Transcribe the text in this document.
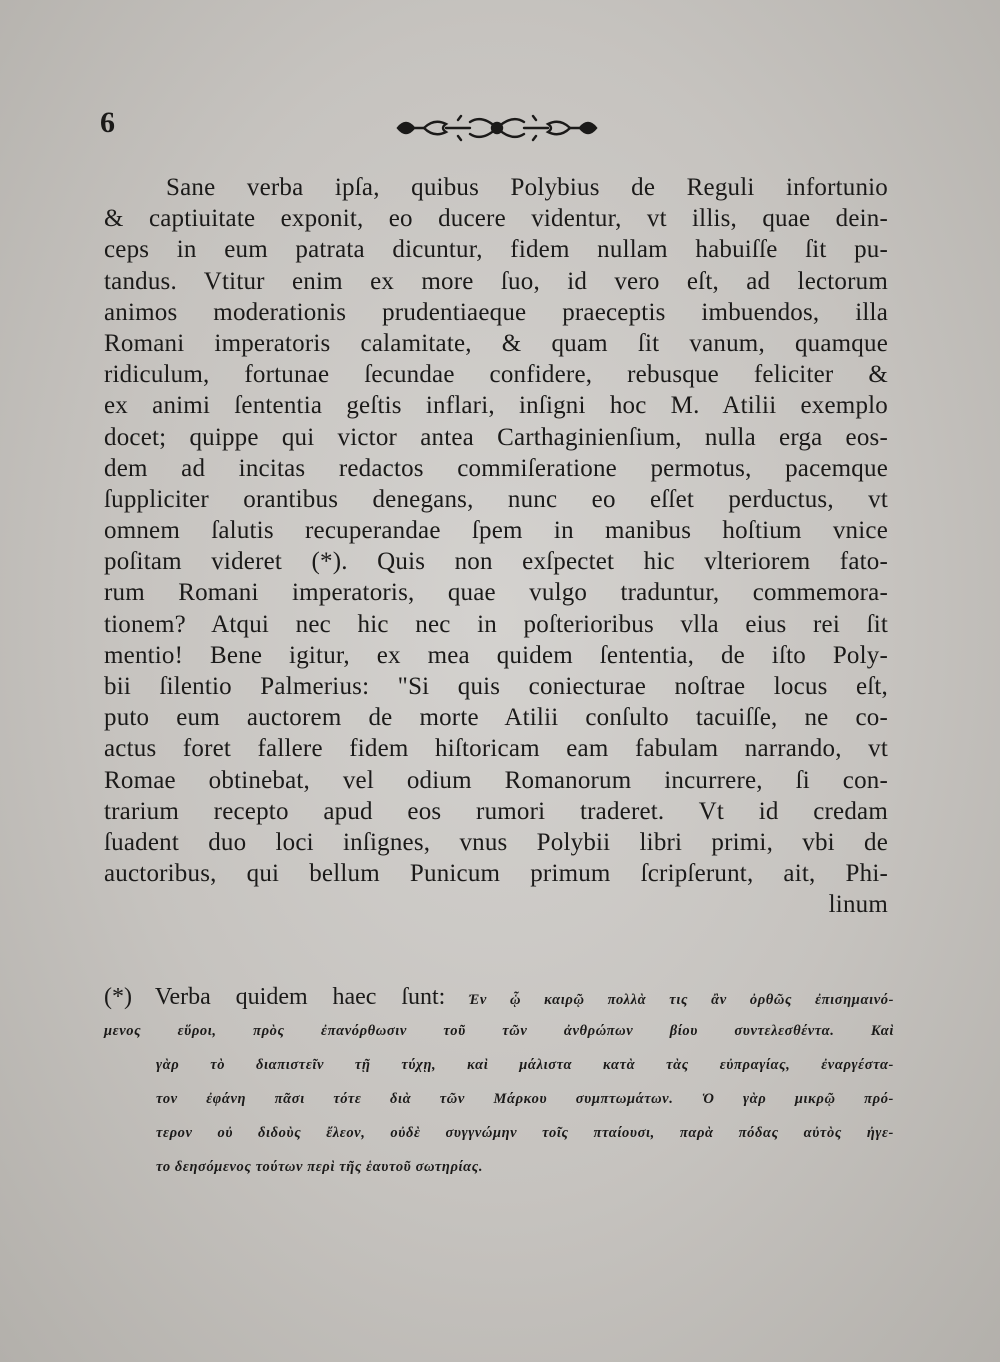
6
Sane verba ipſa, quibus Polybius de Reguli infortunio
& captiuitate exponit, eo ducere videntur, vt illis, quae dein-
ceps in eum patrata dicuntur, fidem nullam habuiſſe ſit pu-
tandus. Vtitur enim ex more ſuo, id vero eſt, ad lectorum
animos moderationis prudentiaeque praeceptis imbuendos, illa
Romani imperatoris calamitate, & quam ſit vanum, quamque
ridiculum, fortunae ſecundae confidere, rebusque feliciter &
ex animi ſententia geſtis inflari, inſigni hoc M. Atilii exemplo
docet; quippe qui victor antea Carthaginienſium, nulla erga eos-
dem ad incitas redactos commiſeratione permotus, pacemque
ſuppliciter orantibus denegans, nunc eo eſſet perductus, vt
omnem ſalutis recuperandae ſpem in manibus hoſtium vnice
poſitam videret (*). Quis non exſpectet hic vlteriorem fato-
rum Romani imperatoris, quae vulgo traduntur, commemora-
tionem? Atqui nec hic nec in poſterioribus vlla eius rei ſit
mentio! Bene igitur, ex mea quidem ſententia, de iſto Poly-
bii ſilentio Palmerius: "Si quis coniecturae noſtrae locus eſt,
puto eum auctorem de morte Atilii conſulto tacuiſſe, ne co-
actus foret fallere fidem hiſtoricam eam fabulam narrando, vt
Romae obtinebat, vel odium Romanorum incurrere, ſi con-
trarium recepto apud eos rumori traderet. Vt id credam
ſuadent duo loci inſignes, vnus Polybii libri primi, vbi de
auctoribus, qui bellum Punicum primum ſcripſerunt, ait, Phi-
linum
(*) Verba quidem haec ſunt: Ἐν ᾧ καιρῷ πολλὰ τις ἂν ὀρθῶς ἐπισημαινό-
μενος εὕροι, πρὸς ἐπανόρθωσιν τοῦ τῶν ἀνθρώπων βίου συντελεσθέντα. Καὶ
γὰρ τὸ διαπιστεῖν τῇ τύχῃ, καὶ μάλιστα κατὰ τὰς εὐπραγίας, ἐναργέστα-
τον ἐφάνη πᾶσι τότε διὰ τῶν Μάρκου συμπτωμάτων. Ὁ γὰρ μικρῷ πρό-
τερον οὐ διδοὺς ἔλεον, οὐδὲ συγγνώμην τοῖς πταίουσι, παρὰ πόδας αὐτὸς ἠγε-
το δεησόμενος τούτων περὶ τῆς ἑαυτοῦ σωτηρίας.
